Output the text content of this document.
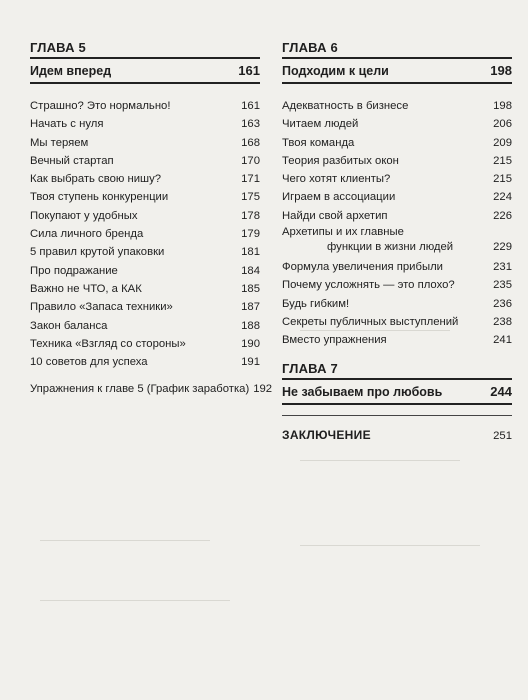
ГЛАВА 5
Идем вперед	161
Страшно? Это нормально!	161
Начать с нуля	163
Мы теряем	168
Вечный стартап	170
Как выбрать свою нишу?	171
Твоя ступень конкуренции	175
Покупают у удобных	178
Сила личного бренда	179
5 правил крутой упаковки	181
Про подражание	184
Важно не ЧТО, а КАК	185
Правило «Запаса техники»	187
Закон баланса	188
Техника «Взгляд со стороны»	190
10 советов для успеха	191
Упражнения к главе 5 (График заработка) 192
ГЛАВА 6
Подходим к цели	198
Адекватность в бизнесе	198
Читаем людей	206
Твоя команда	209
Теория разбитых окон	215
Чего хотят клиенты?	215
Играем в ассоциации	224
Найди свой архетип	226
Архетипы и их главные
функции в жизни людей	229
Формула увеличения прибыли	231
Почему усложнять — это плохо?	235
Будь гибким!	236
Секреты публичных выступлений	238
Вместо упражнения	241
ГЛАВА 7
Не забываем про любовь	244
ЗАКЛЮЧЕНИЕ	251
